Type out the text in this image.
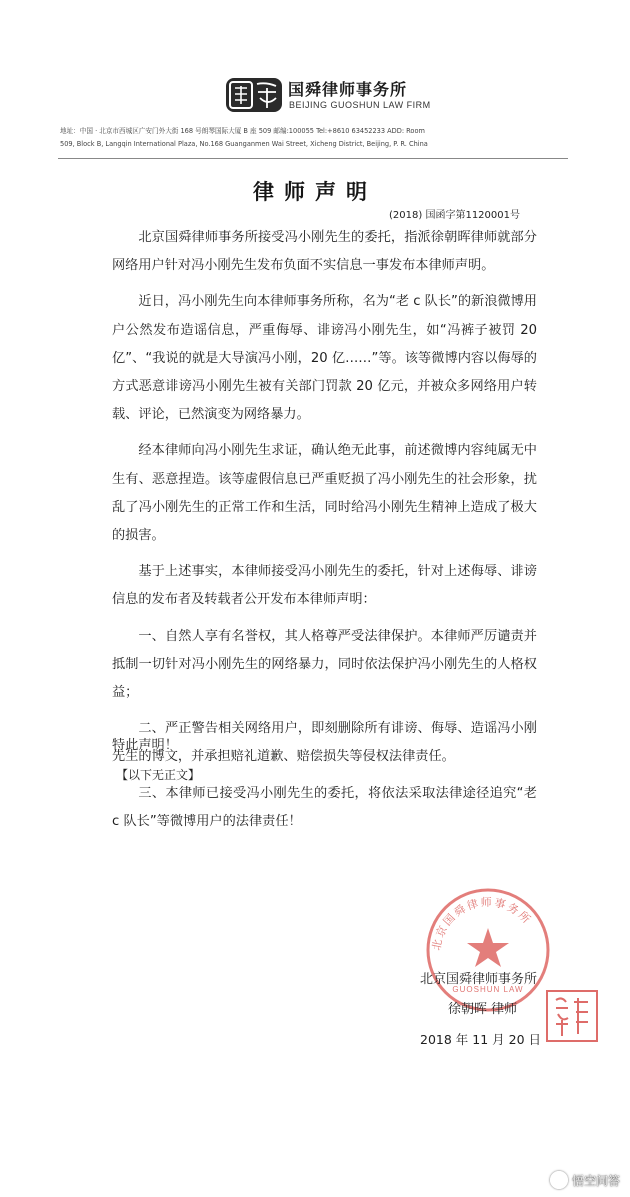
国舜律师事务所
BEIJING GUOSHUN LAW FIRM
地址：中国 · 北京市西城区广安门外大街 168 号朗琴国际大厦 B 座 509 邮编:100055 Tel:+8610 63452233 ADD: Room
509, Block B, Langqin International Plaza, No.168 Guanganmen Wai Street, Xicheng District, Beijing, P. R. China
律师声明
(2018) 国函字第1120001号

北京国舜律师事务所接受冯小刚先生的委托，指派徐朝晖律师就部分网络用户针对冯小刚先生发布负面不实信息一事发布本律师声明。

近日，冯小刚先生向本律师事务所称，名为“老 c 队长”的新浪微博用户公然发布造谣信息，严重侮辱、诽谤冯小刚先生，如“冯裤子被罚 20 亿”、“我说的就是大导演冯小刚，20 亿……”等。该等微博内容以侮辱的方式恶意诽谤冯小刚先生被有关部门罚款 20 亿元，并被众多网络用户转载、评论，已然演变为网络暴力。

经本律师向冯小刚先生求证，确认绝无此事，前述微博内容纯属无中生有、恶意捏造。该等虚假信息已严重贬损了冯小刚先生的社会形象，扰乱了冯小刚先生的正常工作和生活，同时给冯小刚先生精神上造成了极大的损害。

基于上述事实，本律师接受冯小刚先生的委托，针对上述侮辱、诽谤信息的发布者及转载者公开发布本律师声明：

一、自然人享有名誉权，其人格尊严受法律保护。本律师严厉谴责并抵制一切针对冯小刚先生的网络暴力，同时依法保护冯小刚先生的人格权益；

二、严正警告相关网络用户，即刻删除所有诽谤、侮辱、造谣冯小刚先生的博文，并承担赔礼道歉、赔偿损失等侵权法律责任。

三、本律师已接受冯小刚先生的委托，将依法采取法律途径追究“老 c 队长”等微博用户的法律责任！

特此声明！
【以下无正文】
北京国舜律师事务所
GUOSHUN LAW
北京国舜律师事务所
徐朝晖 律师
2018 年 11 月 20 日
悟空问答
